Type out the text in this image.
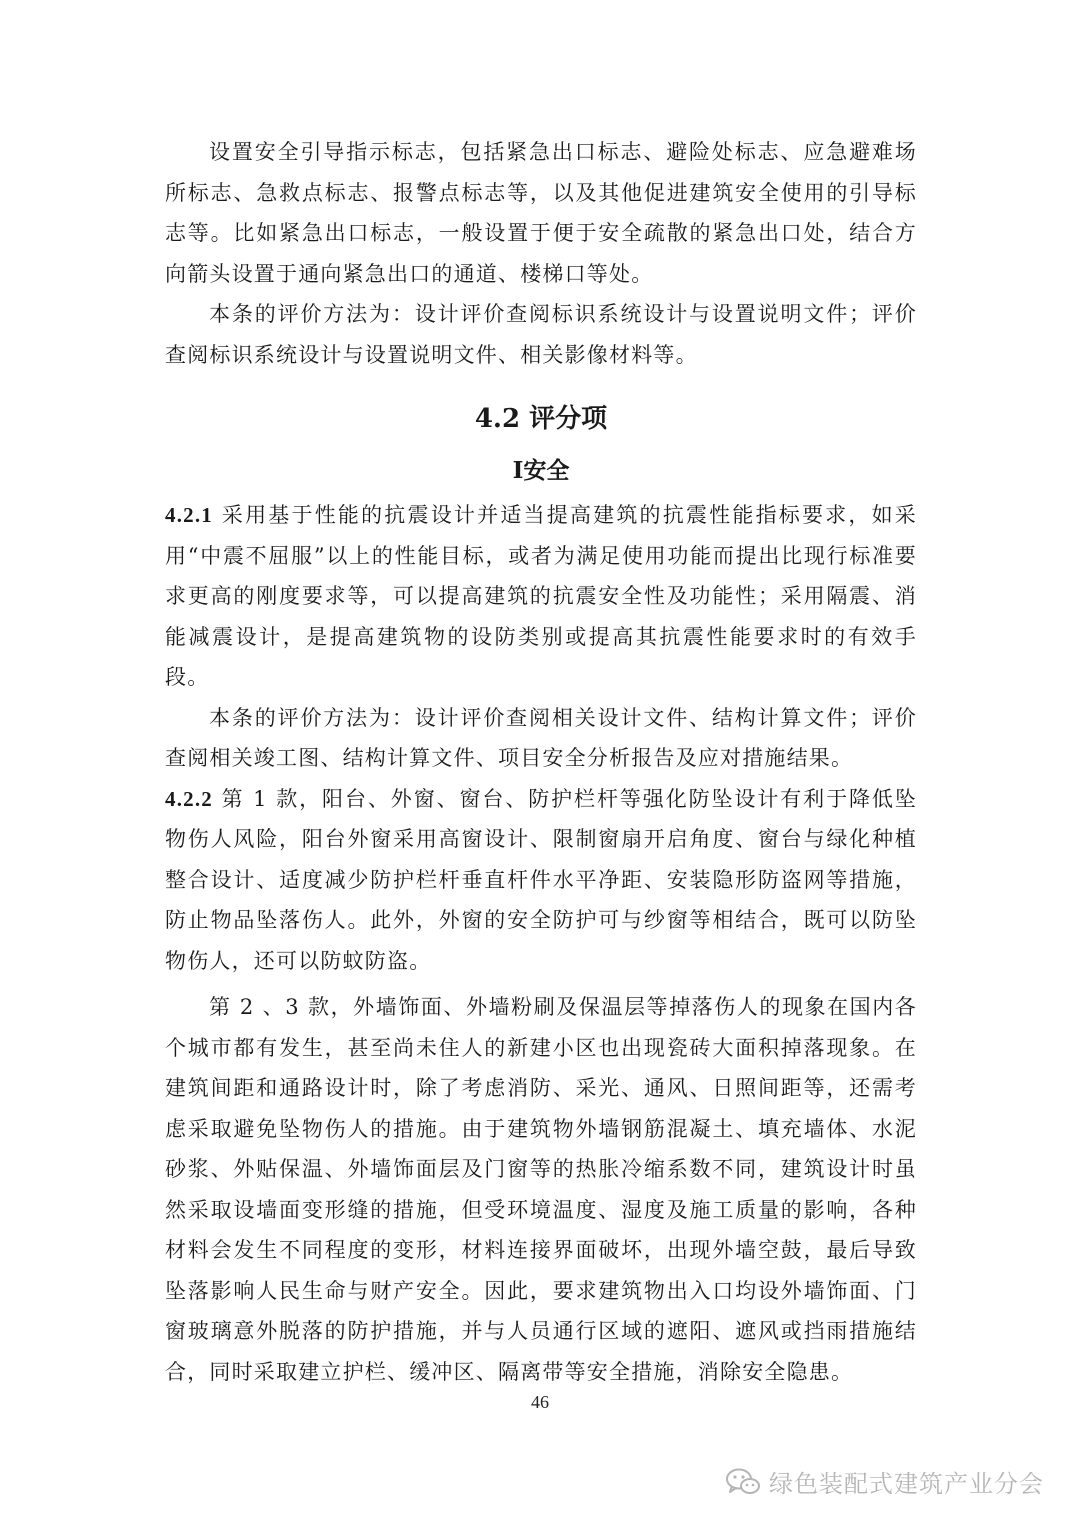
设置安全引导指示标志，包括紧急出口标志、避险处标志、应急避难场所标志、急救点标志、报警点标志等，以及其他促进建筑安全使用的引导标志等。比如紧急出口标志，一般设置于便于安全疏散的紧急出口处，结合方向箭头设置于通向紧急出口的通道、楼梯口等处。

本条的评价方法为：设计评价查阅标识系统设计与设置说明文件；评价查阅标识系统设计与设置说明文件、相关影像材料等。

4.2 评分项
Ⅰ安全

4.2.1 采用基于性能的抗震设计并适当提高建筑的抗震性能指标要求，如采用“中震不屈服”以上的性能目标，或者为满足使用功能而提出比现行标准要求更高的刚度要求等，可以提高建筑的抗震安全性及功能性；采用隔震、消能减震设计，是提高建筑物的设防类别或提高其抗震性能要求时的有效手段。

本条的评价方法为：设计评价查阅相关设计文件、结构计算文件；评价查阅相关竣工图、结构计算文件、项目安全分析报告及应对措施结果。

4.2.2 第 1 款，阳台、外窗、窗台、防护栏杆等强化防坠设计有利于降低坠物伤人风险，阳台外窗采用高窗设计、限制窗扇开启角度、窗台与绿化种植整合设计、适度减少防护栏杆垂直杆件水平净距、安装隐形防盗网等措施，防止物品坠落伤人。此外，外窗的安全防护可与纱窗等相结合，既可以防坠物伤人，还可以防蚊防盗。

第 2 、3 款，外墙饰面、外墙粉刷及保温层等掉落伤人的现象在国内各个城市都有发生，甚至尚未住人的新建小区也出现瓷砖大面积掉落现象。在建筑间距和通路设计时，除了考虑消防、采光、通风、日照间距等，还需考虑采取避免坠物伤人的措施。由于建筑物外墙钢筋混凝土、填充墙体、水泥砂浆、外贴保温、外墙饰面层及门窗等的热胀冷缩系数不同，建筑设计时虽然采取设墙面变形缝的措施，但受环境温度、湿度及施工质量的影响，各种材料会发生不同程度的变形，材料连接界面破坏，出现外墙空鼓，最后导致坠落影响人民生命与财产安全。因此，要求建筑物出入口均设外墙饰面、门窗玻璃意外脱落的防护措施，并与人员通行区域的遮阳、遮风或挡雨措施结合，同时采取建立护栏、缓冲区、隔离带等安全措施，消除安全隐患。

46
绿色装配式建筑产业分会
